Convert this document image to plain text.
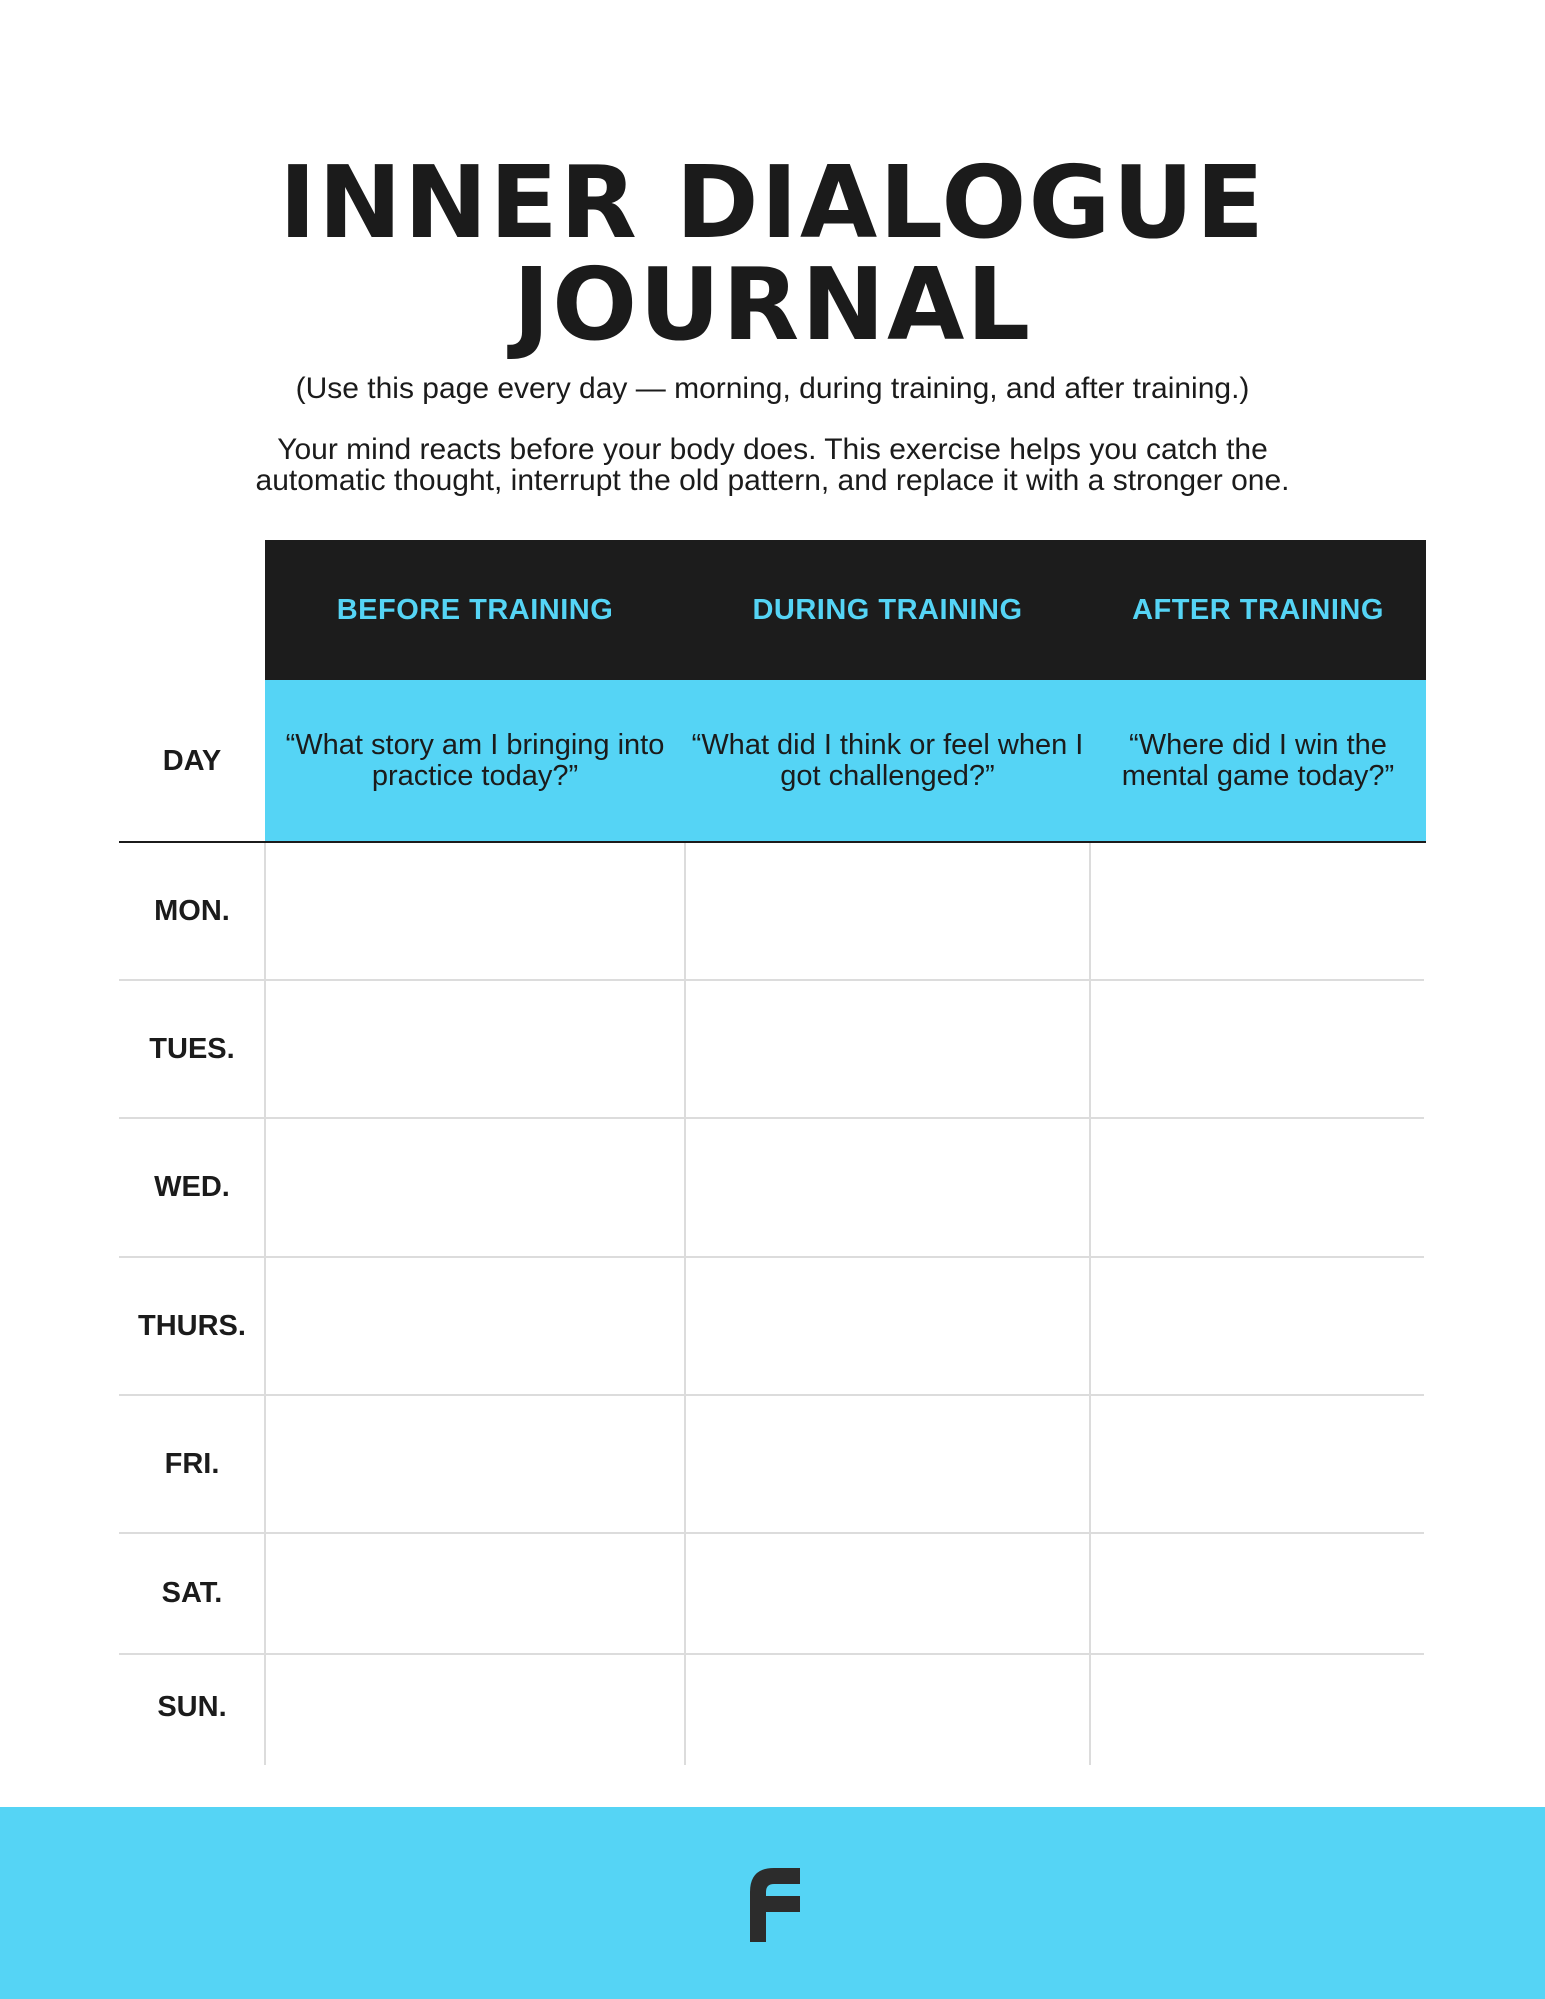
INNER DIALOGUE
JOURNAL

(Use this page every day — morning, during training, and after training.)

Your mind reacts before your body does. This exercise helps you catch the
automatic thought, interrupt the old pattern, and replace it with a stronger one.

BEFORE TRAINING	DURING TRAINING	AFTER TRAINING
“What story am I bringing into practice today?”
“What did I think or feel when I got challenged?”
“Where did I win the mental game today?”
DAY
MON.
TUES.
WED.
THURS.
FRI.
SAT.
SUN.
